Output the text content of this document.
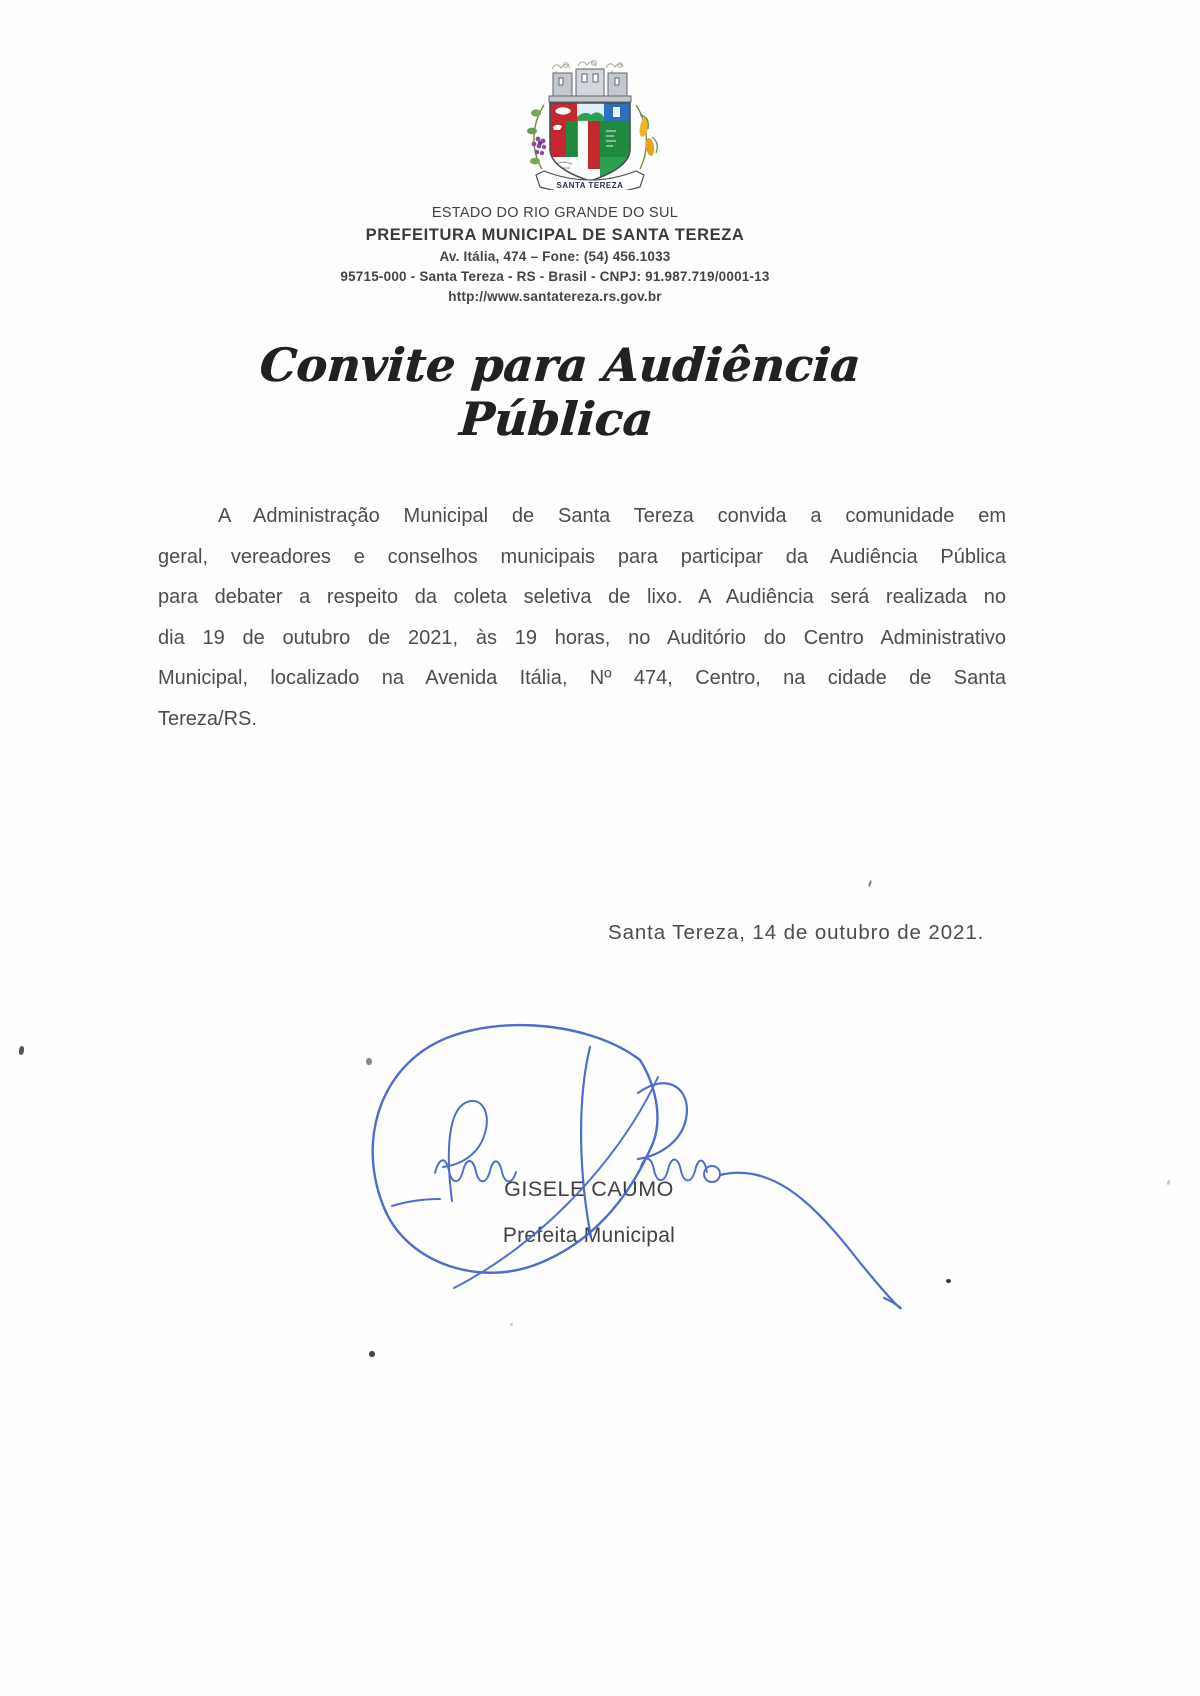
SANTA TEREZA
ESTADO DO RIO GRANDE DO SUL
PREFEITURA MUNICIPAL DE SANTA TEREZA
Av. Itália, 474 – Fone: (54) 456.1033
95715-000 - Santa Tereza - RS - Brasil - CNPJ: 91.987.719/0001-13
http://www.santatereza.rs.gov.br
Convite para Audiência Pública
A Administração Municipal de Santa Tereza convida a comunidade em
geral, vereadores e conselhos municipais para participar da Audiência Pública
para debater a respeito da coleta seletiva de lixo. A Audiência será realizada no
dia 19 de outubro de 2021, às 19 horas, no Auditório do Centro Administrativo
Municipal, localizado na Avenida Itália, Nº 474, Centro, na cidade de Santa
Tereza/RS.
Santa Tereza, 14 de outubro de 2021.
GISELE CAUMO
Prefeita Municipal
